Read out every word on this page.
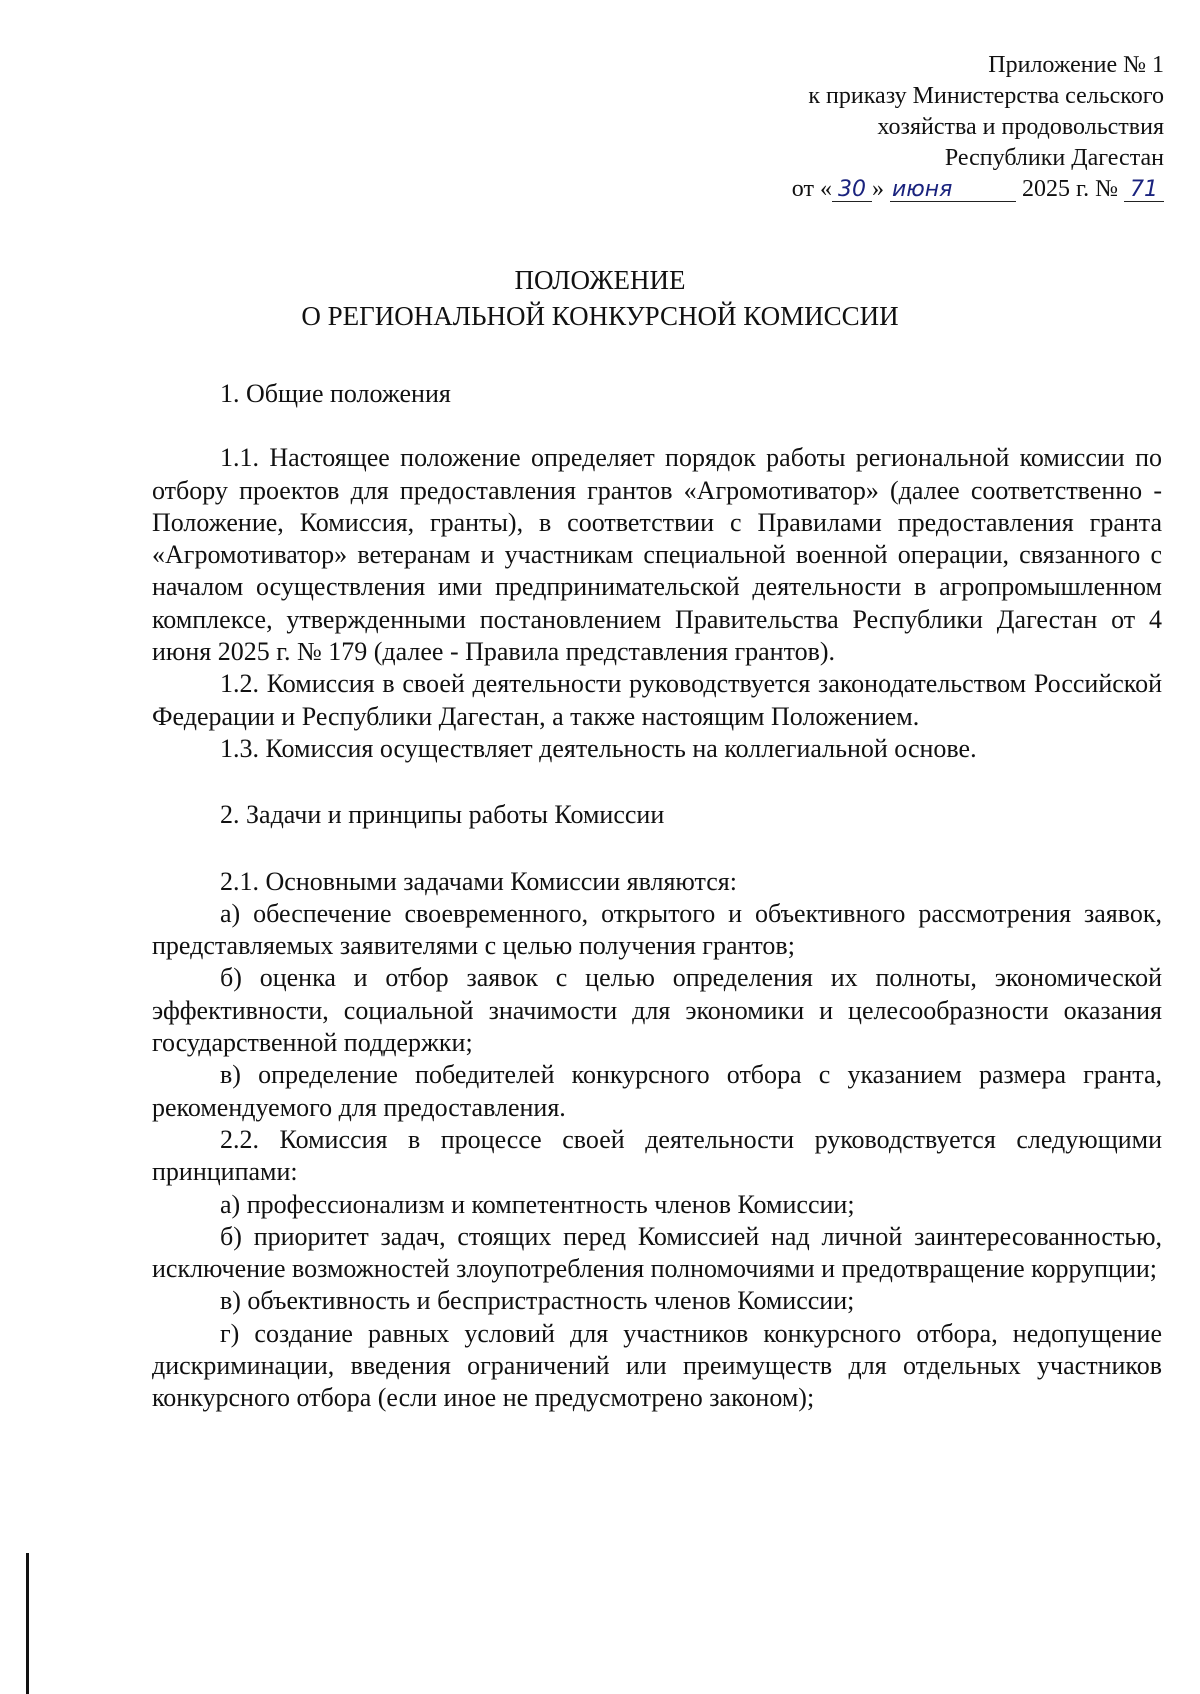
Приложение № 1
к приказу Министерства сельского
хозяйства и продовольствия
Республики Дагестан
от « 30 » июня	2025 г. № 71
ПОЛОЖЕНИЕ
О РЕГИОНАЛЬНОЙ КОНКУРСНОЙ КОМИССИИ

1. Общие положения

1.1. Настоящее положение определяет порядок работы региональной комиссии по отбору проектов для предоставления грантов «Агромотиватор» (далее соответственно - Положение, Комиссия, гранты), в соответствии с Правилами предоставления гранта «Агромотиватор» ветеранам и участникам специальной военной операции, связанного с началом осуществления ими предпринимательской деятельности в агропромышленном комплексе, утвержденными постановлением Правительства Республики Дагестан от 4 июня 2025 г. № 179 (далее - Правила представления грантов).

1.2. Комиссия в своей деятельности руководствуется законодательством Российской Федерации и Республики Дагестан, а также настоящим Положением.

1.3. Комиссия осуществляет деятельность на коллегиальной основе.

2. Задачи и принципы работы Комиссии

2.1. Основными задачами Комиссии являются:

а) обеспечение своевременного, открытого и объективного рассмотрения заявок, представляемых заявителями с целью получения грантов;

б) оценка и отбор заявок с целью определения их полноты, экономической эффективности, социальной значимости для экономики и целесообразности оказания государственной поддержки;

в) определение победителей конкурсного отбора с указанием размера гранта, рекомендуемого для предоставления.

2.2. Комиссия в процессе своей деятельности руководствуется следующими принципами:

а) профессионализм и компетентность членов Комиссии;

б) приоритет задач, стоящих перед Комиссией над личной заинтересованностью, исключение возможностей злоупотребления полномочиями и предотвращение коррупции;

в) объективность и беспристрастность членов Комиссии;

г) создание равных условий для участников конкурсного отбора, недопущение дискриминации, введения ограничений или преимуществ для отдельных участников конкурсного отбора (если иное не предусмотрено законом);
